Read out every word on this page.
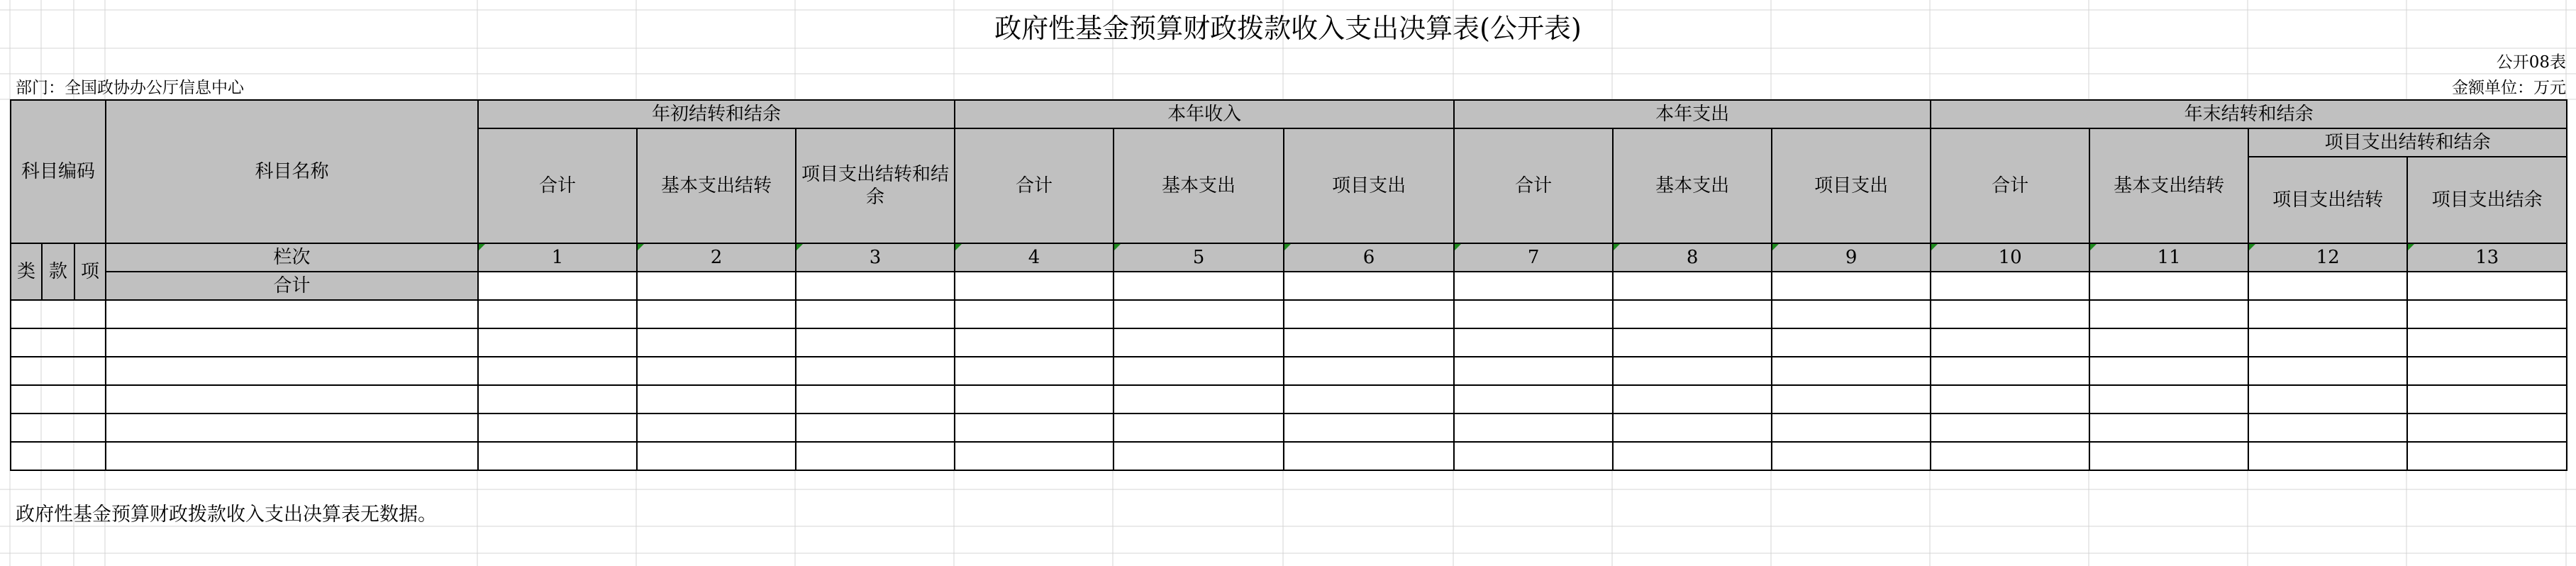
政府性基金预算财政拨款收入支出决算表(公开表)
公开08表
部门：全国政协办公厅信息中心	金额单位：万元
科目编码			科目名称	年初结转和结余			本年收入			本年支出			年末结转和结余			
				合计	基本支出结转	项目支出结转和结余	合计	基本支出	项目支出	合计	基本支出	项目支出	合计	基本支出结转	项目支出结转和结余	
															项目支出结转	项目支出结余
类	款	项	栏次	1	2	3	4	5	6	7	8	9	10	11	12	13
			合计													

政府性基金预算财政拨款收入支出决算表无数据。
